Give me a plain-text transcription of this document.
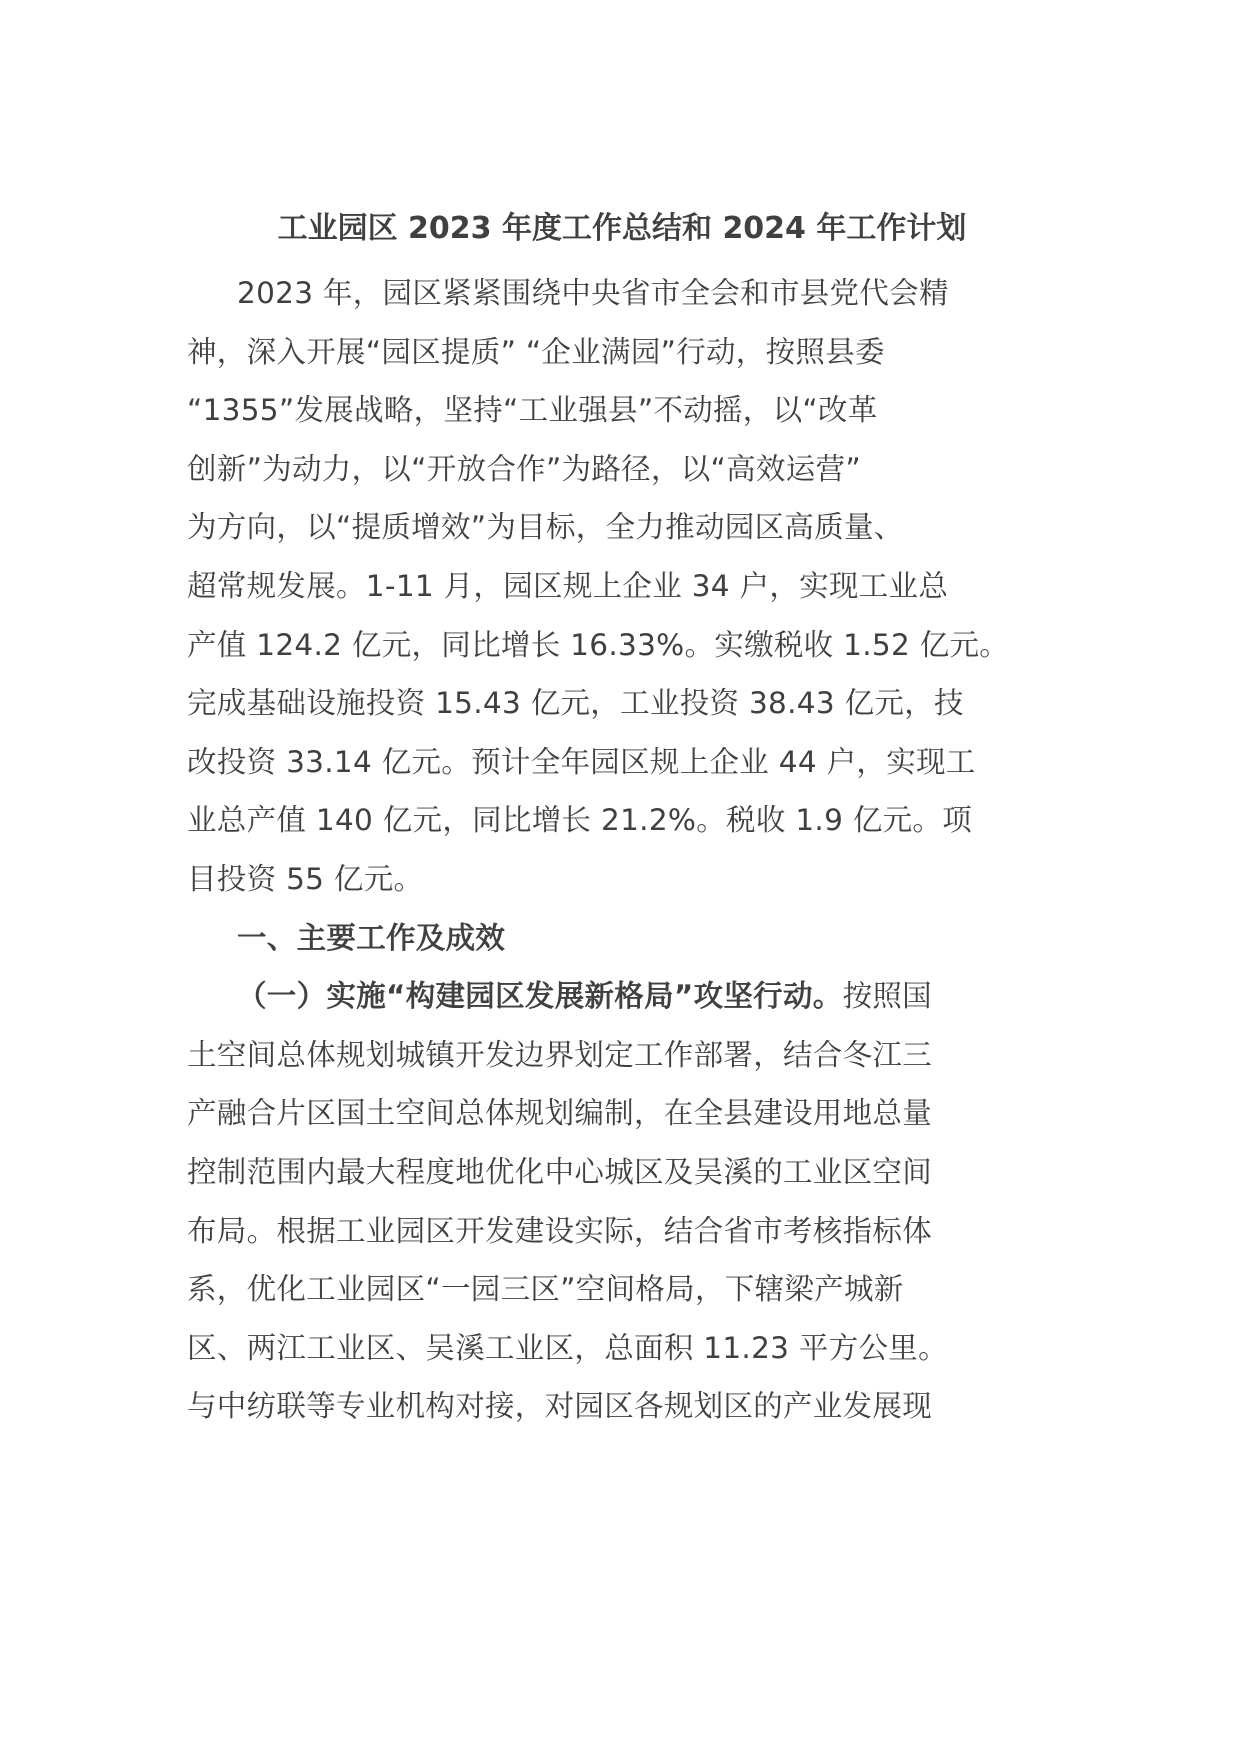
工业园区 2023 年度工作总结和 2024 年工作计划
2023 年，园区紧紧围绕中央省市全会和市县党代会精
神，深入开展“园区提质” “企业满园”行动，按照县委
“1355”发展战略，坚持“工业强县”不动摇，以“改革
创新”为动力，以“开放合作”为路径，以“高效运营”
为方向，以“提质增效”为目标，全力推动园区高质量、
超常规发展。1-11 月，园区规上企业 34 户，实现工业总
产值 124.2 亿元，同比增长 16.33%。实缴税收 1.52 亿元。
完成基础设施投资 15.43 亿元，工业投资 38.43 亿元，技
改投资 33.14 亿元。预计全年园区规上企业 44 户，实现工
业总产值 140 亿元，同比增长 21.2%。税收 1.9 亿元。项
目投资 55 亿元。
一、主要工作及成效
（一）实施“构建园区发展新格局”攻坚行动。按照国
土空间总体规划城镇开发边界划定工作部署，结合冬江三
产融合片区国土空间总体规划编制，在全县建设用地总量
控制范围内最大程度地优化中心城区及吴溪的工业区空间
布局。根据工业园区开发建设实际，结合省市考核指标体
系，优化工业园区“一园三区”空间格局，下辖梁产城新
区、两江工业区、吴溪工业区，总面积 11.23 平方公里。
与中纺联等专业机构对接，对园区各规划区的产业发展现
